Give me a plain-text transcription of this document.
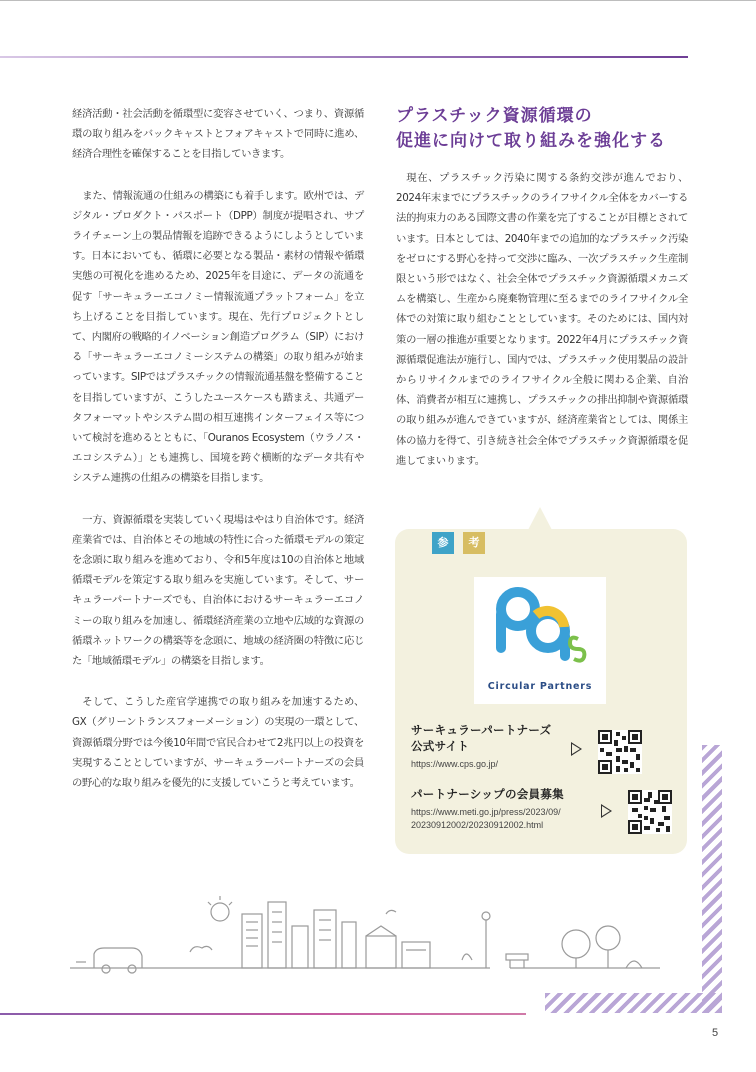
経済活動・社会活動を循環型に変容させていく、つまり、資源循環の取り組みをバックキャストとフォアキャストで同時に進め、経済合理性を確保することを目指していきます。

また、情報流通の仕組みの構築にも着手します。欧州では、デジタル・プロダクト・パスポート（DPP）制度が提唱され、サプライチェーン上の製品情報を追跡できるようにしようとしています。日本においても、循環に必要となる製品・素材の情報や循環実態の可視化を進めるため、2025年を目途に、データの流通を促す「サーキュラーエコノミー情報流通プラットフォーム」を立ち上げることを目指しています。現在、先行プロジェクトとして、内閣府の戦略的イノベーション創造プログラム（SIP）における「サーキュラーエコノミーシステムの構築」の取り組みが始まっています。SIPではプラスチックの情報流通基盤を整備することを目指していますが、こうしたユースケースも踏まえ、共通データフォーマットやシステム間の相互連携インターフェイス等について検討を進めるとともに、「Ouranos Ecosystem（ウラノス・エコシステム）」とも連携し、国境を跨ぐ横断的なデータ共有やシステム連携の仕組みの構築を目指します。

一方、資源循環を実装していく現場はやはり自治体です。経済産業省では、自治体とその地域の特性に合った循環モデルの策定を念頭に取り組みを進めており、令和5年度は10の自治体と地域循環モデルを策定する取り組みを実施しています。そして、サーキュラーパートナーズでも、自治体におけるサーキュラーエコノミーの取り組みを加速し、循環経済産業の立地や広域的な資源の循環ネットワークの構築等を念頭に、地域の経済圏の特徴に応じた「地域循環モデル」の構築を目指します。

そして、こうした産官学連携での取り組みを加速するため、GX（グリーントランスフォーメーション）の実現の一環として、資源循環分野では今後10年間で官民合わせて2兆円以上の投資を実現することとしていますが、サーキュラーパートナーズの会員の野心的な取り組みを優先的に支援していこうと考えています。

プラスチック資源循環の
促進に向けて取り組みを強化する

現在、プラスチック汚染に関する条約交渉が進んでおり、2024年末までにプラスチックのライフサイクル全体をカバーする法的拘束力のある国際文書の作業を完了することが目標とされています。日本としては、2040年までの追加的なプラスチック汚染をゼロにする野心を持って交渉に臨み、一次プラスチック生産制限という形ではなく、社会全体でプラスチック資源循環メカニズムを構築し、生産から廃棄物管理に至るまでのライフサイクル全体での対策に取り組むこととしています。そのためには、国内対策の一層の推進が重要となります。2022年4月にプラスチック資源循環促進法が施行し、国内では、プラスチック使用製品の設計からリサイクルまでのライフサイクル全般に関わる企業、自治体、消費者が相互に連携し、プラスチックの排出抑制や資源循環の取り組みが進んできていますが、経済産業省としては、関係主体の協力を得て、引き続き社会全体でプラスチック資源循環を促進してまいります。

参	考
Circular Partners
サーキュラーパートナーズ
公式サイト
https://www.cps.go.jp/
パートナーシップの会員募集
https://www.meti.go.jp/press/2023/09/
20230912002/20230912002.html
5
